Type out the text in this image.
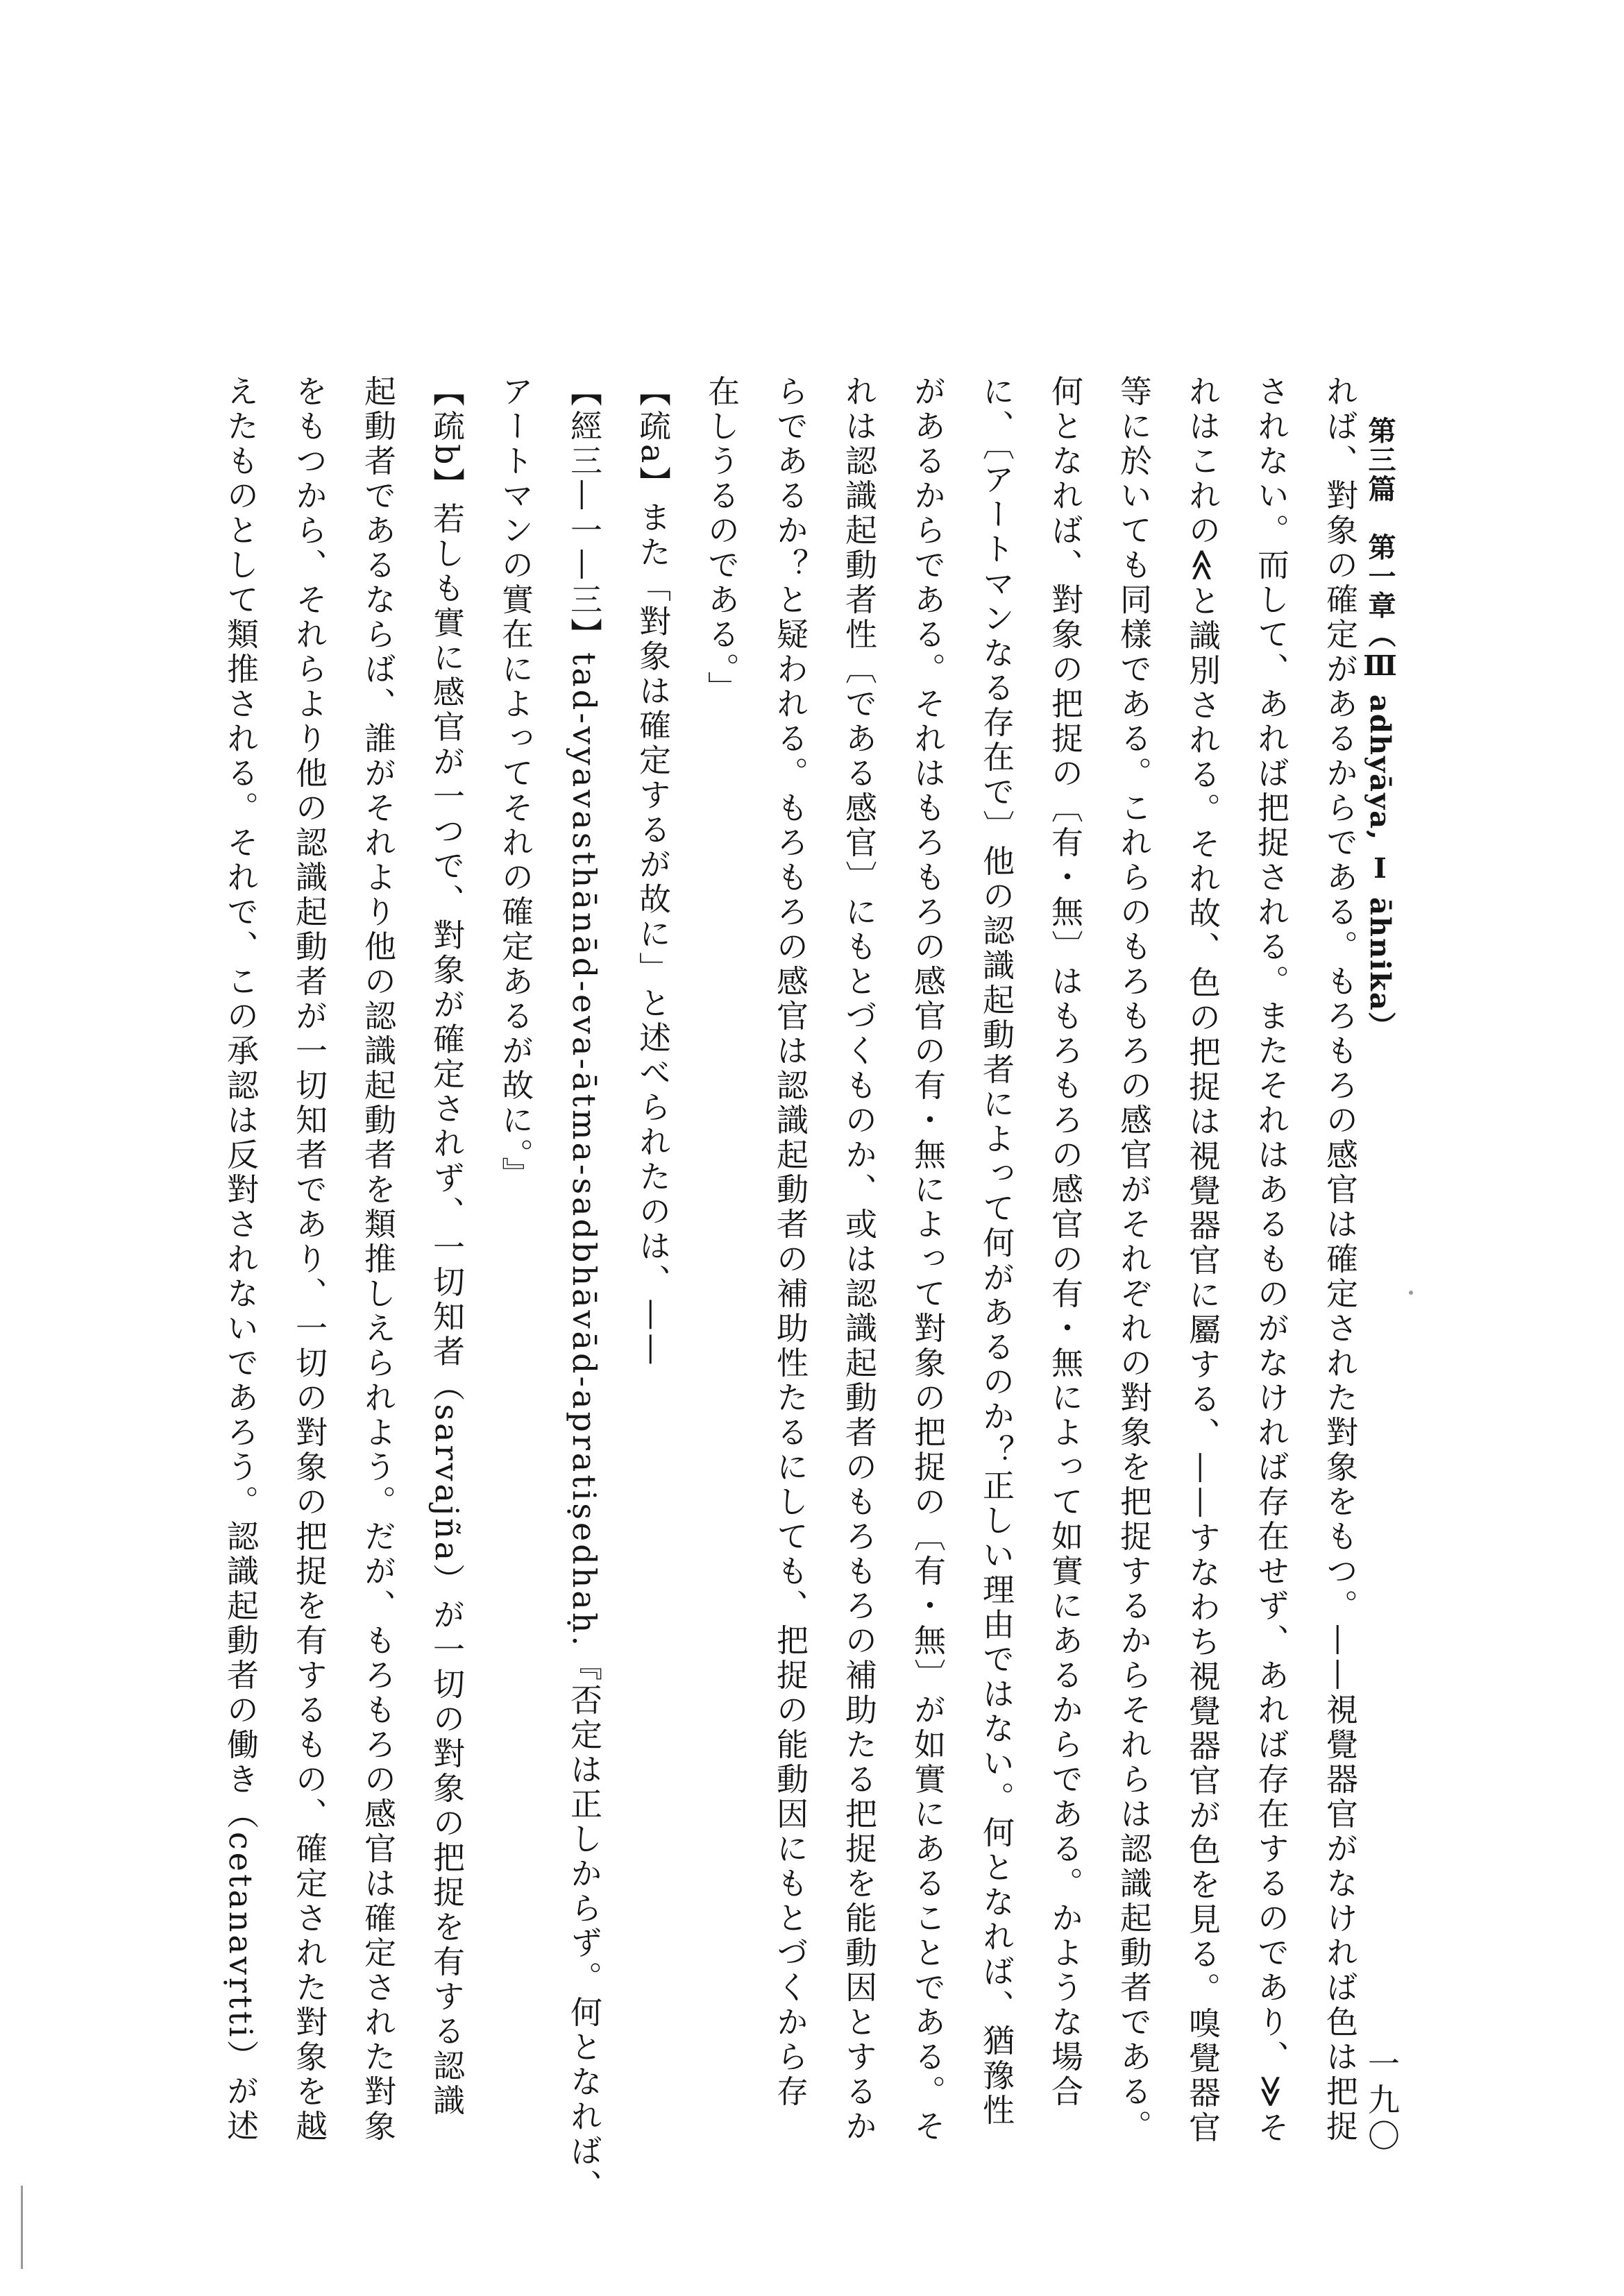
第三篇　第一章（Ⅲ adhyāya, Ⅰ āhnika）
一九〇
れば、對象の確定があるからである。もろもろの感官は確定された對象をもつ。——視覺器官がなければ色は把捉
されない。而して、あれば把捉される。またそれはあるものがなければ存在せず、あれば存在するのであり、≫そ
れはこれの≪と識別される。それ故、色の把捉は視覺器官に屬する、——すなわち視覺器官が色を見る。嗅覺器官
等に於いても同樣である。これらのもろもろの感官がそれぞれの對象を把捉するからそれらは認識起動者である。
何となれば、對象の把捉の〔有・無〕はもろもろの感官の有・無によって如實にあるからである。かような場合
に、〔アートマンなる存在で〕他の認識起動者によって何があるのか？正しい理由ではない。何となれば、猶豫性
があるからである。それはもろもろの感官の有・無によって對象の把捉の〔有・無〕が如實にあることである。そ
れは認識起動者性〔である感官〕にもとづくものか、或は認識起動者のもろもろの補助たる把捉を能動因とするか
らであるか？と疑われる。もろもろの感官は認識起動者の補助性たるにしても、把捉の能動因にもとづくから存
在しうるのである。」
【疏a】また「對象は確定するが故に」と述べられたのは、——
【經三—一—三】tad-vyavasthānād-eva-ātma-sadbhāvād-apratiṣedhaḥ.『否定は正しからず。何となれば、
アートマンの實在によってそれの確定あるが故に。』
【疏b】若しも實に感官が一つで、對象が確定されず、一切知者（sarvajña）が一切の對象の把捉を有する認識
起動者であるならば、誰がそれより他の認識起動者を類推しえられよう。だが、もろもろの感官は確定された對象
をもつから、それらより他の認識起動者が一切知者であり、一切の對象の把捉を有するもの、確定された對象を越
えたものとして類推される。それで、この承認は反對されないであろう。認識起動者の働き（cetanavṛtti）が述
